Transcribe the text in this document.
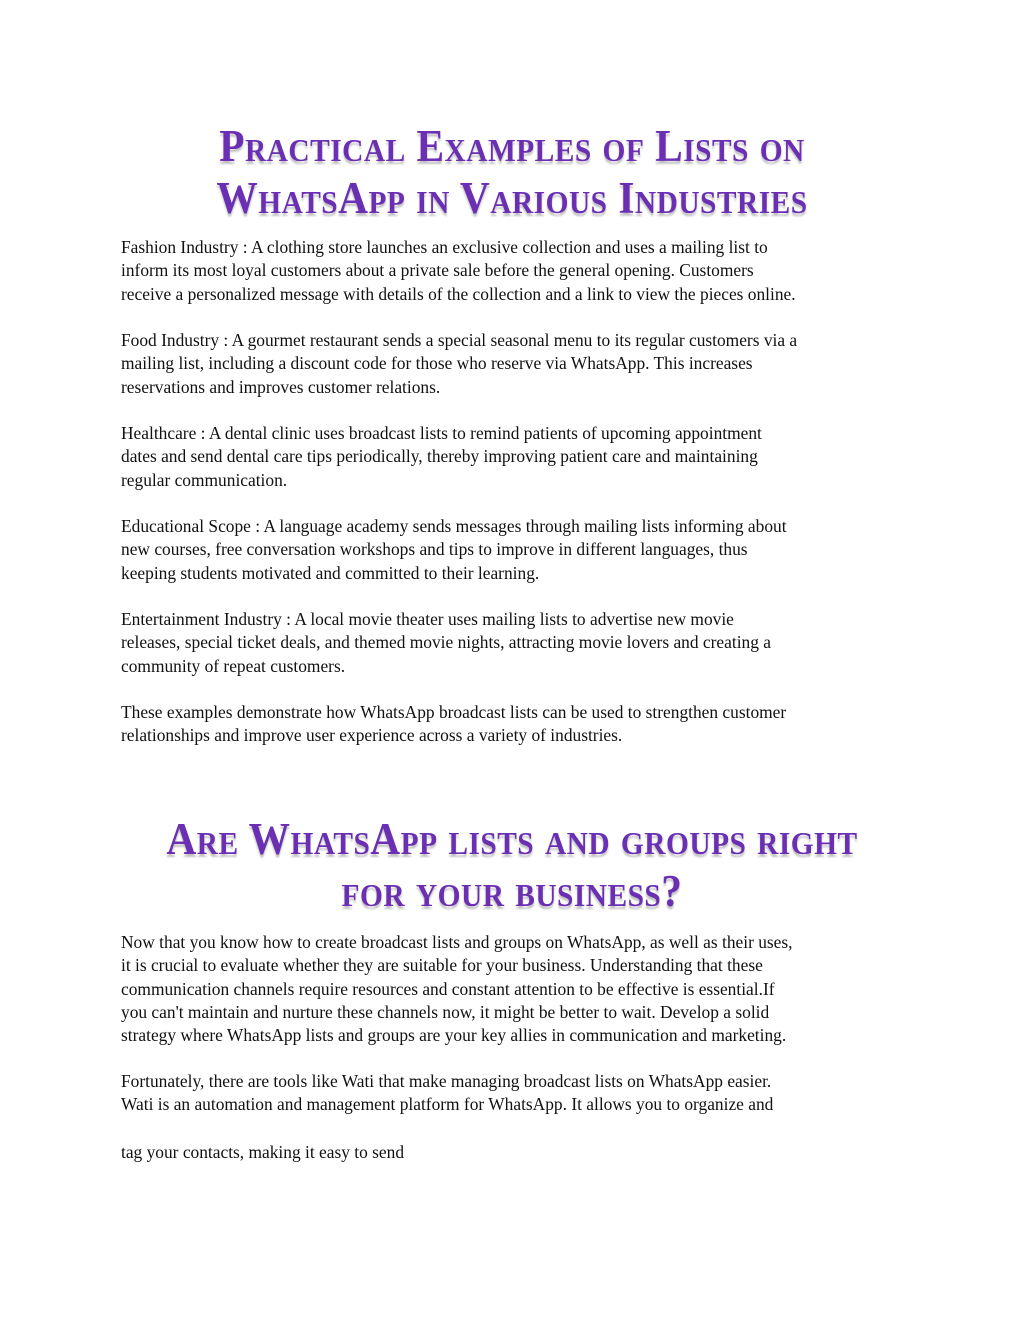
Practical Examples of Lists on
WhatsApp in Various Industries

Fashion Industry : A clothing store launches an exclusive collection and uses a mailing list to
inform its most loyal customers about a private sale before the general opening. Customers
receive a personalized message with details of the collection and a link to view the pieces online.

Food Industry : A gourmet restaurant sends a special seasonal menu to its regular customers via a
mailing list, including a discount code for those who reserve via WhatsApp. This increases
reservations and improves customer relations.

Healthcare : A dental clinic uses broadcast lists to remind patients of upcoming appointment
dates and send dental care tips periodically, thereby improving patient care and maintaining
regular communication.

Educational Scope : A language academy sends messages through mailing lists informing about
new courses, free conversation workshops and tips to improve in different languages, thus
keeping students motivated and committed to their learning.

Entertainment Industry : A local movie theater uses mailing lists to advertise new movie
releases, special ticket deals, and themed movie nights, attracting movie lovers and creating a
community of repeat customers.

These examples demonstrate how WhatsApp broadcast lists can be used to strengthen customer
relationships and improve user experience across a variety of industries.

Are WhatsApp lists and groups right
for your business?

Now that you know how to create broadcast lists and groups on WhatsApp, as well as their uses,
it is crucial to evaluate whether they are suitable for your business. Understanding that these
communication channels require resources and constant attention to be effective is essential.If
you can't maintain and nurture these channels now, it might be better to wait. Develop a solid
strategy where WhatsApp lists and groups are your key allies in communication and marketing.

Fortunately, there are tools like Wati that make managing broadcast lists on WhatsApp easier.
Wati is an automation and management platform for WhatsApp. It allows you to organize and

tag your contacts, making it easy to send
